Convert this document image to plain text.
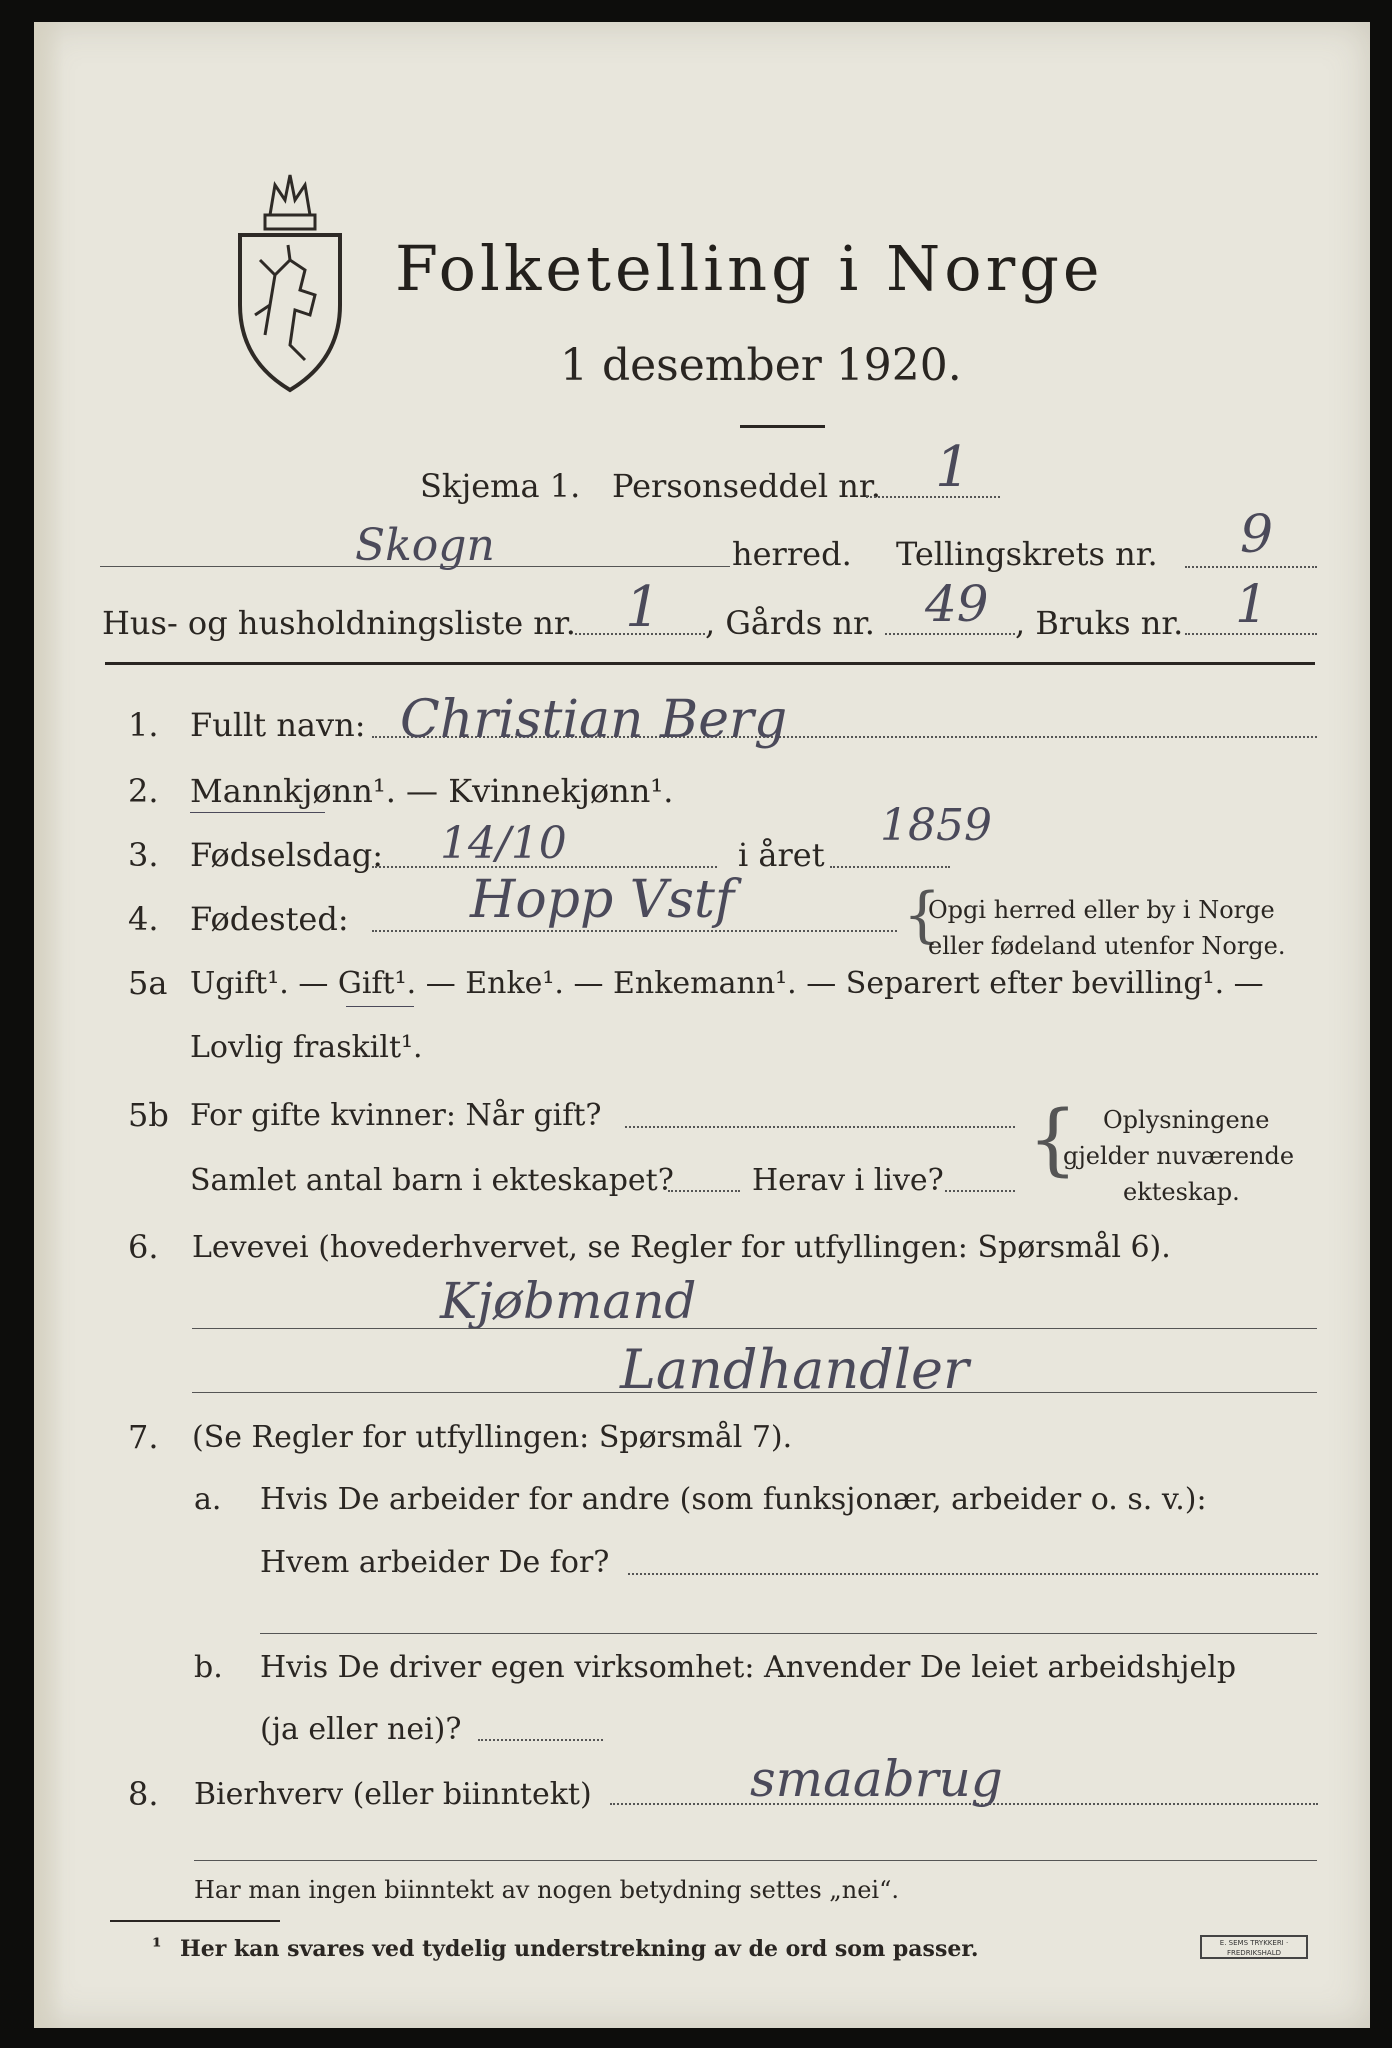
Folketelling i Norge
1 desember 1920.
Skjema 1. Personseddel nr. 1
Skogn	herred. Tellingskrets nr. 9
Hus- og husholdningsliste nr. 1 , Gårds nr. 49 , Bruks nr. 1
1. Fullt navn: Christian Berg
2. Mannkjønn¹. — Kvinnekjønn¹.
3. Fødselsdag: 14/10	i året
1859
4. Fødested: Hopp Vstf	{
Opgi herred eller by i Norge
eller fødeland utenfor Norge.
5a Ugift¹. — Gift¹. — Enke¹. — Enkemann¹. — Separert efter bevilling¹. —
Lovlig fraskilt¹.
5b For gifte kvinner: Når gift?
Samlet antal barn i ekteskapet?	Herav i live? { Oplysningene
gjelder nuværende
ekteskap.
6. Levevei (hovederhvervet, se Regler for utfyllingen: Spørsmål 6).
Kjøbmand
Landhandler
7. (Se Regler for utfyllingen: Spørsmål 7).
a. Hvis De arbeider for andre (som funksjonær, arbeider o. s. v.):
Hvem arbeider De for?
b. Hvis De driver egen virksomhet: Anvender De leiet arbeidshjelp
(ja eller nei)?
8. Bierhverv (eller biinntekt)	smaabrug
Har man ingen biinntekt av nogen betydning settes „nei“.
¹ Her kan svares ved tydelig understrekning av de ord som passer.	E. SEMS TRYKKERI · FREDRIKSHALD
